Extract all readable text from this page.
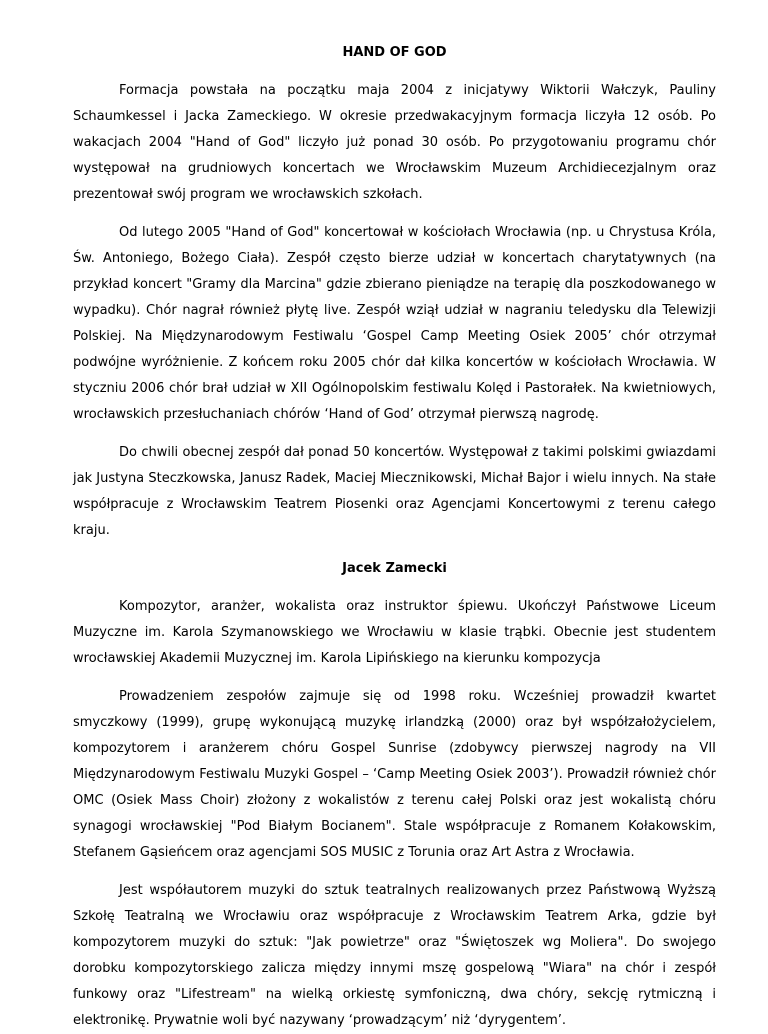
HAND OF GOD

Formacja powstała na początku maja 2004 z inicjatywy Wiktorii Wałczyk, Pauliny Schaumkessel i Jacka Zameckiego. W okresie przedwakacyjnym formacja liczyła 12 osób. Po wakacjach 2004 "Hand of God" liczyło już ponad 30 osób. Po przygotowaniu programu chór występował na grudniowych koncertach we Wrocławskim Muzeum Archidiecezjalnym oraz prezentował swój program we wrocławskich szkołach.

Od lutego 2005 "Hand of God" koncertował w kościołach Wrocławia (np. u Chrystusa Króla, Św. Antoniego, Bożego Ciała). Zespół często bierze udział w koncertach charytatywnych (na przykład koncert "Gramy dla Marcina" gdzie zbierano pieniądze na terapię dla poszkodowanego w wypadku). Chór nagrał również płytę live. Zespół wziął udział w nagraniu teledysku dla Telewizji Polskiej. Na Międzynarodowym Festiwalu ‘Gospel Camp Meeting Osiek 2005’ chór otrzymał podwójne wyróżnienie. Z końcem roku 2005 chór dał kilka koncertów w kościołach Wrocławia. W styczniu 2006 chór brał udział w XII Ogólnopolskim festiwalu Kolęd i Pastorałek. Na kwietniowych, wrocławskich przesłuchaniach chórów ‘Hand of God’ otrzymał pierwszą nagrodę.

Do chwili obecnej zespół dał ponad 50 koncertów. Występował z takimi polskimi gwiazdami jak Justyna Steczkowska, Janusz Radek, Maciej Miecznikowski, Michał Bajor i wielu innych. Na stałe współpracuje z Wrocławskim Teatrem Piosenki oraz Agencjami Koncertowymi z terenu całego kraju.

Jacek Zamecki

Kompozytor, aranżer, wokalista oraz instruktor śpiewu. Ukończył Państwowe Liceum Muzyczne im. Karola Szymanowskiego we Wrocławiu w klasie trąbki. Obecnie jest studentem wrocławskiej Akademii Muzycznej im. Karola Lipińskiego na kierunku kompozycja

Prowadzeniem zespołów zajmuje się od 1998 roku. Wcześniej prowadził kwartet smyczkowy (1999), grupę wykonującą muzykę irlandzką (2000) oraz był współzałożycielem, kompozytorem i aranżerem chóru Gospel Sunrise (zdobywcy pierwszej nagrody na VII Międzynarodowym Festiwalu Muzyki Gospel – ‘Camp Meeting Osiek 2003’). Prowadził również chór OMC (Osiek Mass Choir) złożony z wokalistów z terenu całej Polski oraz jest wokalistą chóru synagogi wrocławskiej "Pod Białym Bocianem". Stale współpracuje z Romanem Kołakowskim, Stefanem Gąsieńcem oraz agencjami SOS MUSIC z Torunia oraz Art Astra z Wrocławia.

Jest współautorem muzyki do sztuk teatralnych realizowanych przez Państwową Wyższą Szkołę Teatralną we Wrocławiu oraz współpracuje z Wrocławskim Teatrem Arka, gdzie był kompozytorem muzyki do sztuk: "Jak powietrze" oraz "Świętoszek wg Moliera". Do swojego dorobku kompozytorskiego zalicza między innymi mszę gospelową "Wiara" na chór i zespół funkowy oraz "Lifestream" na wielką orkiestę symfoniczną, dwa chóry, sekcję rytmiczną i elektronikę. Prywatnie woli być nazywany ‘prowadzącym’ niż ‘dyrygentem’.
